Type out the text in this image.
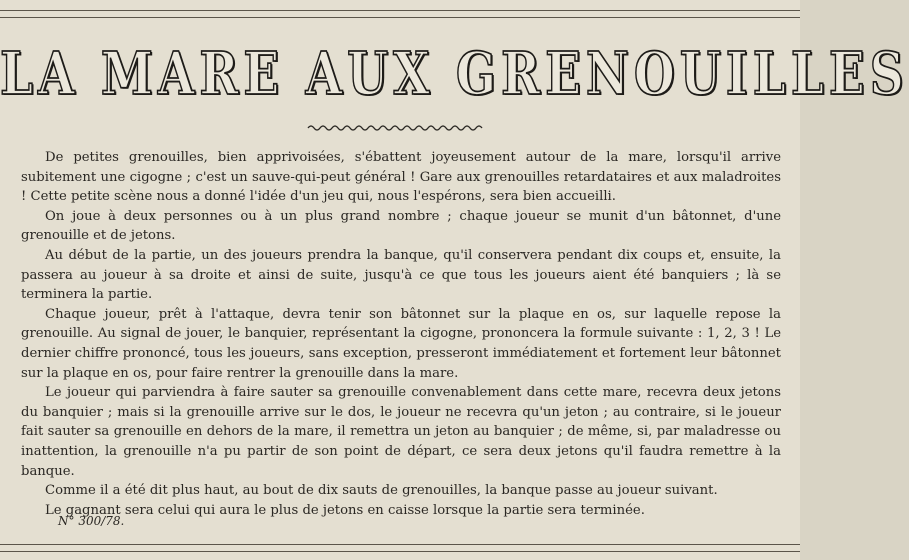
LA MARE AUX GRENOUILLES

De petites grenouilles, bien apprivoisées, s'ébattent joyeusement autour de la mare, lorsqu'il arrive subitement une cigogne ; c'est un sauve-qui-peut général ! Gare aux grenouilles retardataires et aux maladroites ! Cette petite scène nous a donné l'idée d'un jeu qui, nous l'espérons, sera bien accueilli.

On joue à deux personnes ou à un plus grand nombre ; chaque joueur se munit d'un bâtonnet, d'une grenouille et de jetons.

Au début de la partie, un des joueurs prendra la banque, qu'il conservera pendant dix coups et, ensuite, la passera au joueur à sa droite et ainsi de suite, jusqu'à ce que tous les joueurs aient été banquiers ; là se terminera la partie.

Chaque joueur, prêt à l'attaque, devra tenir son bâtonnet sur la plaque en os, sur laquelle repose la grenouille. Au signal de jouer, le banquier, représentant la cigogne, prononcera la formule suivante : 1, 2, 3 ! Le dernier chiffre prononcé, tous les joueurs, sans exception, presseront immédiatement et fortement leur bâtonnet sur la plaque en os, pour faire rentrer la grenouille dans la mare.

Le joueur qui parviendra à faire sauter sa grenouille convenablement dans cette mare, recevra deux jetons du banquier ; mais si la grenouille arrive sur le dos, le joueur ne recevra qu'un jeton ; au contraire, si le joueur fait sauter sa grenouille en dehors de la mare, il remettra un jeton au banquier ; de même, si, par maladresse ou inattention, la grenouille n'a pu partir de son point de départ, ce sera deux jetons qu'il faudra remettre à la banque.

Comme il a été dit plus haut, au bout de dix sauts de grenouilles, la banque passe au joueur suivant.

Le gagnant sera celui qui aura le plus de jetons en caisse lorsque la partie sera terminée.

N° 300/78.
